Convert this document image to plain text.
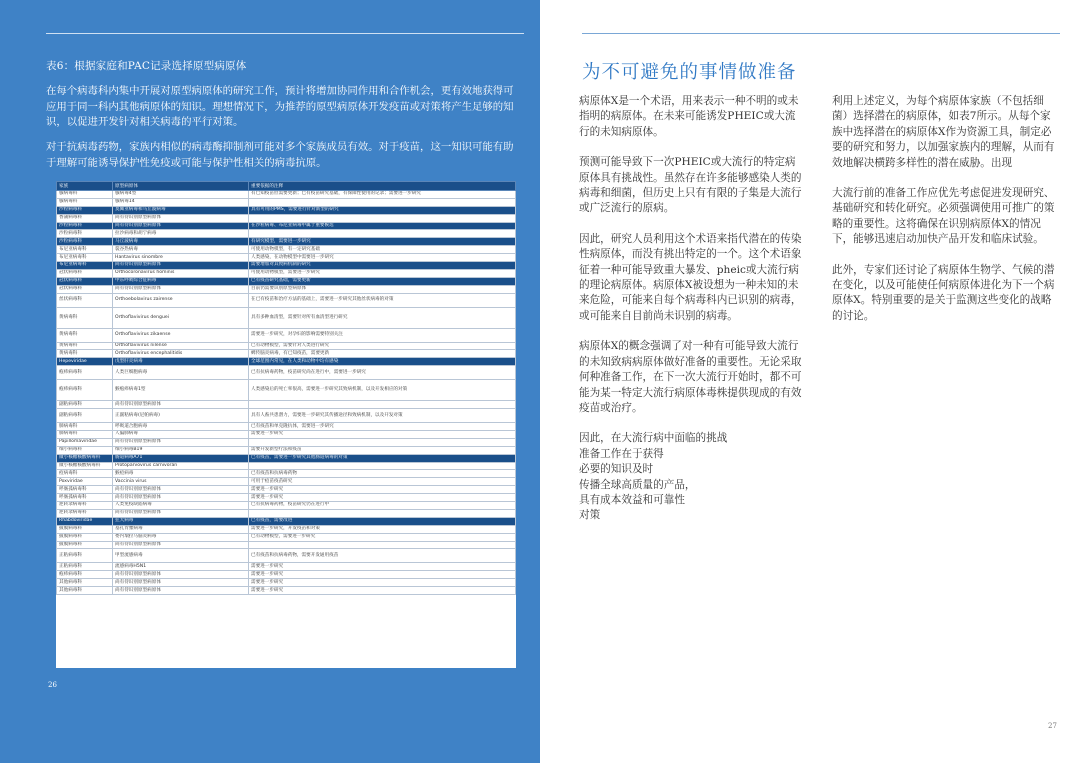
表6：根据家庭和PAC记录选择原型病原体

在每个病毒科内集中开展对原型病原体的研究工作，预计将增加协同作用和合作机会，更有效地获得可应用于同一科内其他病原体的知识。理想情况下，为推荐的原型病原体开发疫苗或对策将产生足够的知识，以促进开发针对相关病毒的平行对策。

对于抗病毒药物，家族内相似的病毒酶抑制剂可能对多个家族成员有效。对于疫苗，这一知识可能有助于理解可能诱导保护性免疫或可能与保护性相关的病毒抗原。

家族	原型病原体	重要依据的注释
腺病毒科	腺病毒4型	有已知疫苗但需要更新；已有疫苗研究基础，有保障性使用的记录；需要进一步研究
腺病毒科	腺病毒14	
沙粒病毒科	莫佩亚病毒和马丘波病毒	具有可用的PMS，需要进行针对新型的研究
香蒲病毒科	尚有待识别原型病原体	
沙粒病毒科	尚有待识别原型病原体	在沙粒病毒、布尼亚病毒中属于重要候选
沙粒病毒科	拉沙病毒和胡宁病毒	
沙粒病毒科	马丘波病毒	有研究模型，需要进一步研究
布尼亚病毒科	裂谷热病毒	可使用动物模型，有一定研究基础
布尼亚病毒科	Hantavirus sinombre	人类感染，在动物模型中需要进一步研究
布尼亚病毒科	尚有待识别原型病原体	需要增加对其致病机制的研究
冠状病毒科	Orthocoronavirus hominis	可使用动物模型，需要进一步研究
冠状病毒科	中东呼吸综合征病毒	已有疫苗研究基础，需要更新
冠状病毒科	尚有待识别原型病原体	目前仍需要识别原型病原体
丝状病毒科	Orthoebolavirus zairense	在已有疫苗和治疗方法的基础上，需要进一步研究其他丝状病毒的对策
黄病毒科	Orthoflavivirus denguei	具有多种血清型，需要针对所有血清型进行研究
黄病毒科	Orthoflavivirus zikaense	需要进一步研究，对孕妇的影响需要特别关注
黄病毒科	Orthoflavivirus nilense	已有动物模型，需要针对人类进行研究
黄病毒科	Orthoflavivirus encephalitidis	蜱传脑炎病毒，有已知疫苗，需要更新
Hepeviridae	戊型肝炎病毒	全球范围内常见，在人类和动物中均有感染
疱疹病毒科	人类巨细胞病毒	已有抗病毒药物，疫苗研究尚在进行中，需要进一步研究
疱疹病毒科	猴疱疹病毒1型	人类感染后的死亡率很高，需要进一步研究其致病机制，以及开发相应的对策
副粘病毒科	尚有待识别原型病原体	
副粘病毒科	正副粘病毒(尼帕病毒)	具有人畜共患潜力，需要进一步研究其传播途径和致病机制，以及开发对策
肺病毒科	呼吸道合胞病毒	已有疫苗和单克隆抗体，需要进一步研究
肺病毒科	人偏肺病毒	需要进一步研究
Papillomaviridae	尚有待识别原型病原体	
细小病毒科	细小病毒B19	需要开发新型疗法和疫苗
微小核糖核酸病毒科	肠道病毒A71	已有疫苗，需要进一步研究其他肠道病毒的对策
微小核糖核酸病毒科	Protoparvovirus carnivoran	
痘病毒科	猴痘病毒	已有疫苗和抗病毒药物
Poxviridae	Vaccinia virus	可用于痘苗疫苗研究
呼肠孤病毒科	尚有待识别原型病原体	需要进一步研究
呼肠孤病毒科	尚有待识别原型病原体	需要进一步研究
逆转录病毒科	人类免疫缺陷病毒	已有抗病毒药物，疫苗研究仍在进行中
逆转录病毒科	尚有待识别原型病原体	
Rhabdoviridae	狂犬病毒	已有疫苗，需要改进
披膜病毒科	基孔肯雅病毒	需要进一步研究，开发疫苗和对策
披膜病毒科	委内瑞拉马脑炎病毒	已有动物模型，需要进一步研究
披膜病毒科	尚有待识别原型病原体	
正粘病毒科	甲型流感病毒	已有疫苗和抗病毒药物，需要开发通用疫苗
正粘病毒科	流感病毒H5N1	需要进一步研究
疱疹病毒科	尚有待识别原型病原体	需要进一步研究
其他病毒科	尚有待识别原型病原体	需要进一步研究
其他病毒科	尚有待识别原型病原体	需要进一步研究
26
为不可避免的事情做准备

病原体X是一个术语，用来表示一种不明的或未指明的病原体。在未来可能诱发PHEIC或大流行的未知病原体。

预测可能导致下一次PHEIC或大流行的特定病原体具有挑战性。虽然存在许多能够感染人类的病毒和细菌，但历史上只有有限的子集是大流行或广泛流行的原病。

因此，研究人员利用这个术语来指代潜在的传染性病原体，而没有挑出特定的一个。这个术语象征着一种可能导致重大暴发、pheic或大流行病的理论病原体。病原体X被设想为一种未知的未来危险，可能来自每个病毒科内已识别的病毒，或可能来自目前尚未识别的病毒。

病原体X的概念强调了对一种有可能导致大流行的未知致病病原体做好准备的重要性。无论采取何种准备工作，在下一次大流行开始时，都不可能为某一特定大流行病原体毒株提供现成的有效疫苗或治疗。

因此，在大流行病中面临的挑战

准备工作在于获得

必要的知识及时

传播全球高质量的产品，

具有成本效益和可靠性

对策

利用上述定义，为每个病原体家族（不包括细菌）选择潜在的病原体，如表7所示。从每个家族中选择潜在的病原体X作为资源工具，制定必要的研究和努力，以加强家族内的理解，从而有效地解决横跨多样性的潜在威胁。出现

大流行前的准备工作应优先考虑促进发现研究、基础研究和转化研究。必须强调使用可推广的策略的重要性。这将确保在识别病原体X的情况下，能够迅速启动加快产品开发和临床试验。

此外，专家们还讨论了病原体生物学、气候的潜在变化，以及可能使任何病原体进化为下一个病原体X。特别重要的是关于监测这些变化的战略的讨论。

27
